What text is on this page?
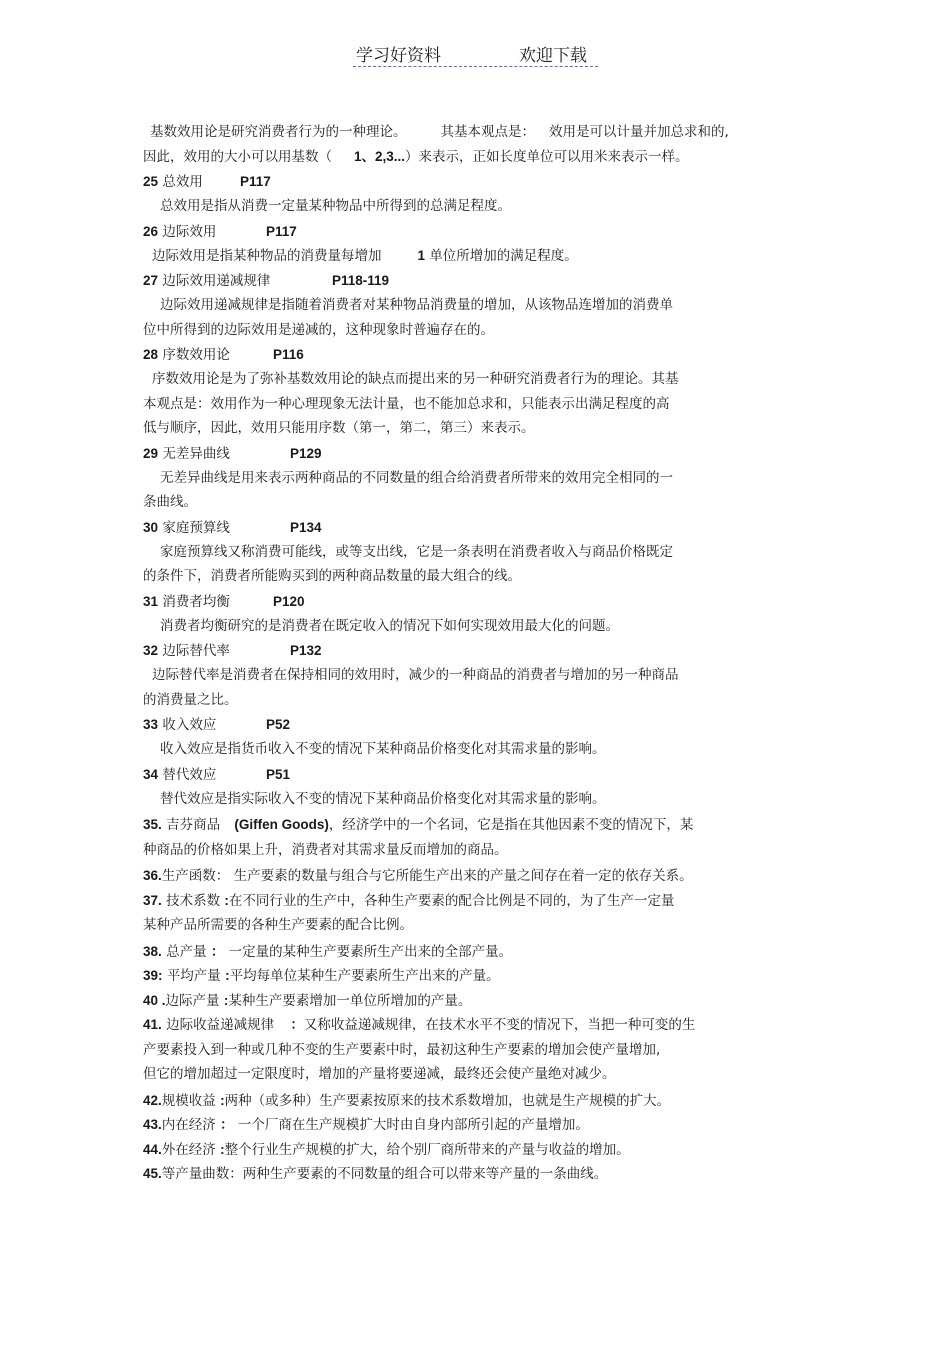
学习好资料	欢迎下载
基数效用论是研究消费者行为的一种理论。	其基本观点是： 效用是可以计量并加总求和的,
因此，效用的大小可以用基数（ 1、2,3...）来表示，正如长度单位可以用米来表示一样。
25 总效用	P117
总效用是指从消费一定量某种物品中所得到的总满足程度。
26 边际效用	P117
边际效用是指某种物品的消费量每增加	1 单位所增加的满足程度。
27 边际效用递减规律	P118-119
边际效用递减规律是指随着消费者对某种物品消费量的增加，从该物品连增加的消费单
位中所得到的边际效用是递减的，这种现象时普遍存在的。
28 序数效用论	P116
序数效用论是为了弥补基数效用论的缺点而提出来的另一种研究消费者行为的理论。其基
本观点是：效用作为一种心理现象无法计量，也不能加总求和，只能表示出满足程度的高
低与顺序，因此，效用只能用序数（第一，第二，第三）来表示。
29 无差异曲线	P129
无差异曲线是用来表示两种商品的不同数量的组合给消费者所带来的效用完全相同的一
条曲线。
30 家庭预算线	P134
家庭预算线又称消费可能线，或等支出线，它是一条表明在消费者收入与商品价格既定
的条件下，消费者所能购买到的两种商品数量的最大组合的线。
31 消费者均衡	P120
消费者均衡研究的是消费者在既定收入的情况下如何实现效用最大化的问题。
32 边际替代率	P132
边际替代率是消费者在保持相同的效用时，减少的一种商品的消费者与增加的另一种商品
的消费量之比。
33 收入效应	P52
收入效应是指货币收入不变的情况下某种商品价格变化对其需求量的影响。
34 替代效应	P51
替代效应是指实际收入不变的情况下某种商品价格变化对其需求量的影响。
35. 吉芬商品 (Giffen Goods)，经济学中的一个名词，它是指在其他因素不变的情况下，某
种商品的价格如果上升，消费者对其需求量反而增加的商品。
36.生产函数： 生产要素的数量与组合与它所能生产出来的产量之间存在着一定的依存关系。
37. 技术系数 :在不同行业的生产中，各种生产要素的配合比例是不同的，为了生产一定量
某种产品所需要的各种生产要素的配合比例。
38. 总产量 ： 一定量的某种生产要素所生产出来的全部产量。
39: 平均产量 :平均每单位某种生产要素所生产出来的产量。
40 .边际产量 :某种生产要素增加一单位所增加的产量。
41. 边际收益递减规律 ：又称收益递减规律，在技术水平不变的情况下，当把一种可变的生
产要素投入到一种或几种不变的生产要素中时，最初这种生产要素的增加会使产量增加,
但它的增加超过一定限度时，增加的产量将要递减，最终还会使产量绝对减少。
42.规模收益 :两种（或多种）生产要素按原来的技术系数增加，也就是生产规模的扩大。
43.内在经济 ： 一个厂商在生产规模扩大时由自身内部所引起的产量增加。
44.外在经济 :整个行业生产规模的扩大，给个别厂商所带来的产量与收益的增加。
45.等产量曲数：两种生产要素的不同数量的组合可以带来等产量的一条曲线。
